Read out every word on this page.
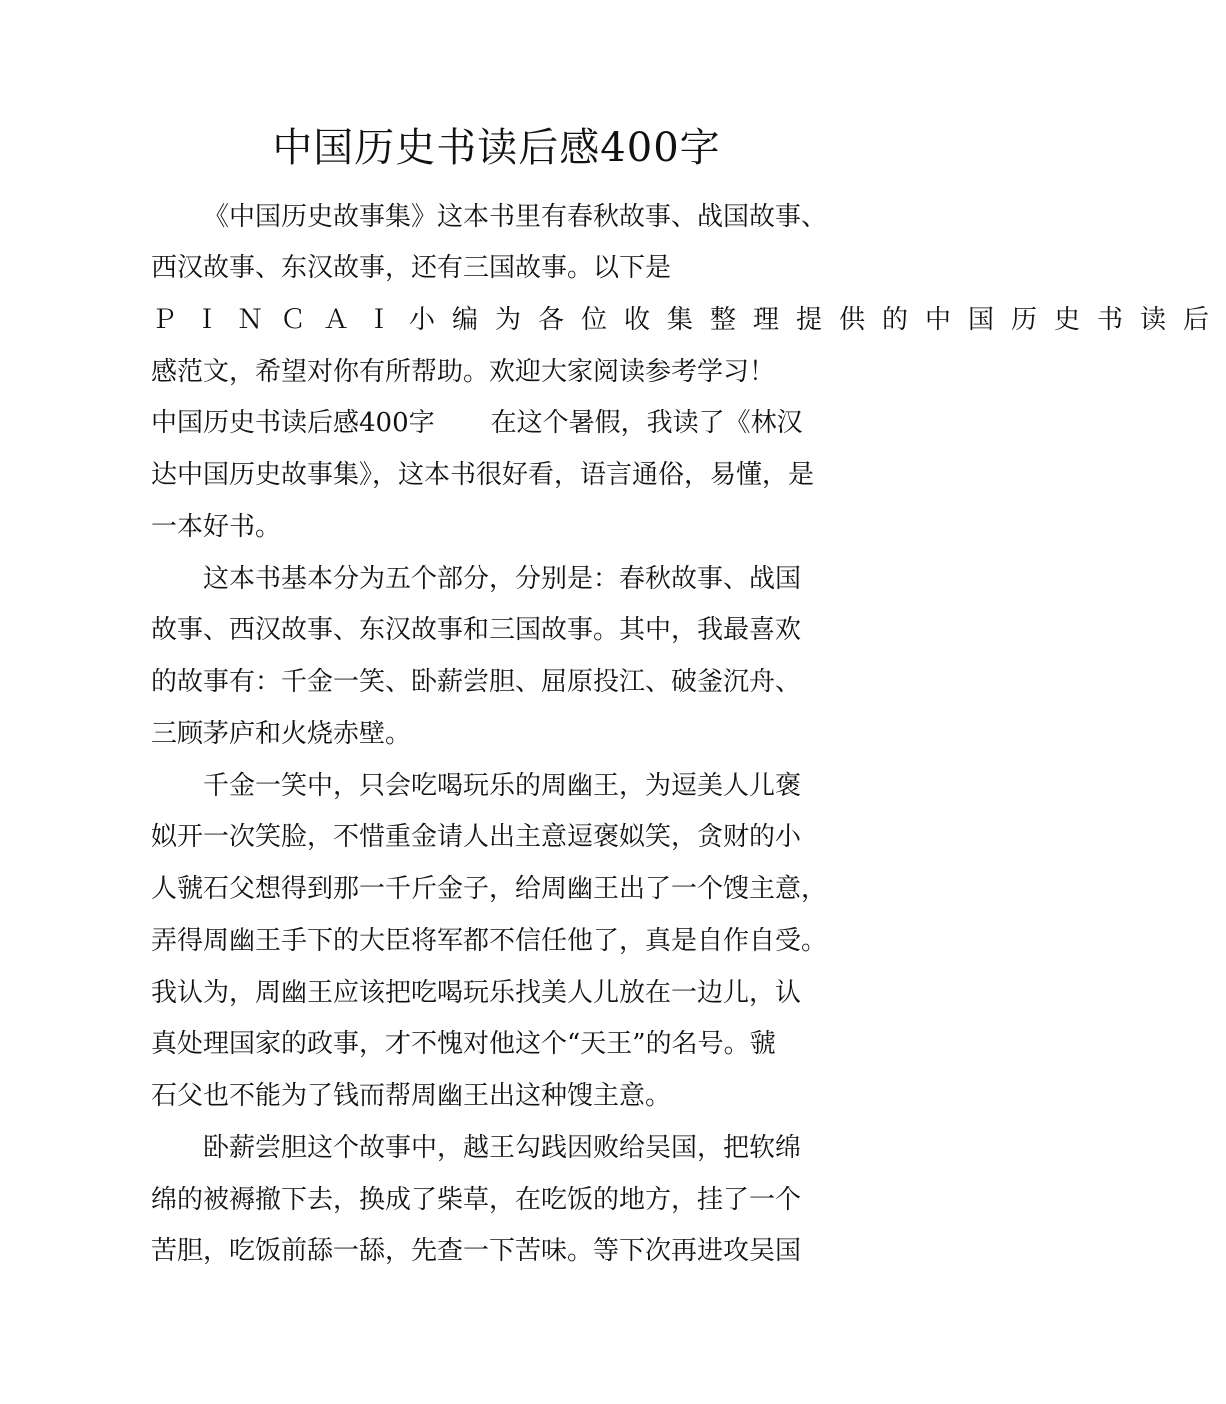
中国历史书读后感400字
《中国历史故事集》这本书里有春秋故事、战国故事、
西汉故事、东汉故事，还有三国故事。以下是
ＰＩＮＣＡＩ小编为各位收集整理提供的中国历史书读后
感范文，希望对你有所帮助。欢迎大家阅读参考学习！
中国历史书读后感400字 在这个暑假，我读了《林汉
达中国历史故事集》，这本书很好看，语言通俗，易懂，是
一本好书。
这本书基本分为五个部分，分别是：春秋故事、战国
故事、西汉故事、东汉故事和三国故事。其中，我最喜欢
的故事有：千金一笑、卧薪尝胆、屈原投江、破釜沉舟、
三顾茅庐和火烧赤壁。
千金一笑中，只会吃喝玩乐的周幽王，为逗美人儿褒
姒开一次笑脸，不惜重金请人出主意逗褒姒笑，贪财的小
人虢石父想得到那一千斤金子，给周幽王出了一个馊主意，
弄得周幽王手下的大臣将军都不信任他了，真是自作自受。
我认为，周幽王应该把吃喝玩乐找美人儿放在一边儿，认
真处理国家的政事，才不愧对他这个“天王”的名号。虢
石父也不能为了钱而帮周幽王出这种馊主意。
卧薪尝胆这个故事中，越王勾践因败给吴国，把软绵
绵的被褥撤下去，换成了柴草，在吃饭的地方，挂了一个
苦胆，吃饭前舔一舔，先查一下苦味。等下次再进攻吴国
